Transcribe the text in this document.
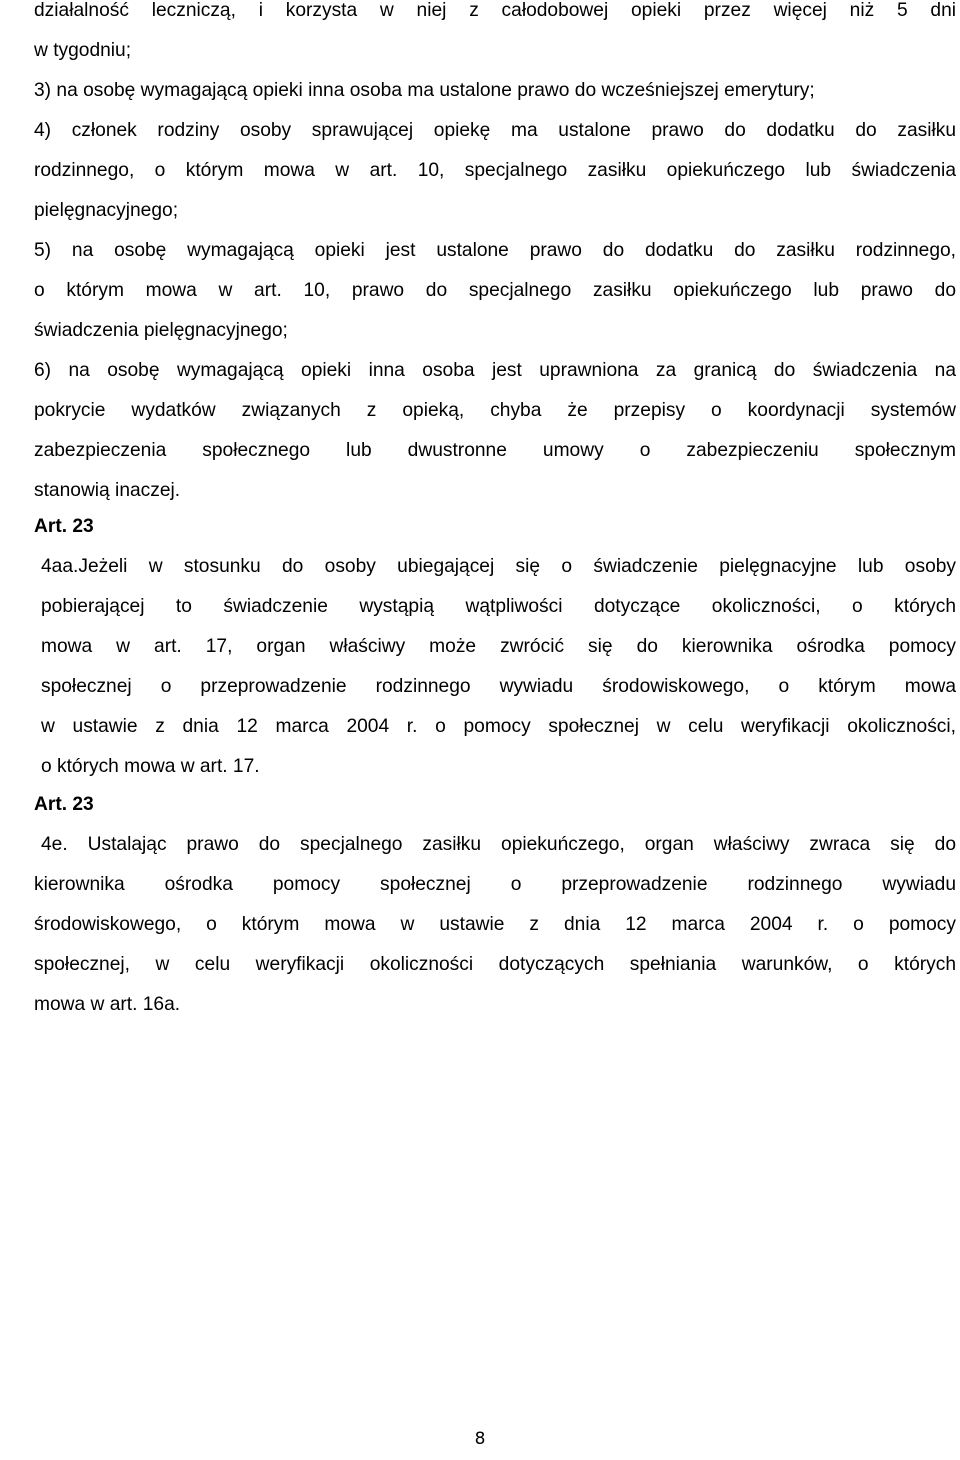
działalność leczniczą, i korzysta w niej z całodobowej opieki przez więcej niż 5 dni
w tygodniu;
3) na osobę wymagającą opieki inna osoba ma ustalone prawo do wcześniejszej emerytury;
4) członek rodziny osoby sprawującej opiekę ma ustalone prawo do dodatku do zasiłku
rodzinnego, o którym mowa w art. 10, specjalnego zasiłku opiekuńczego lub świadczenia
pielęgnacyjnego;
5) na osobę wymagającą opieki jest ustalone prawo do dodatku do zasiłku rodzinnego,
o którym mowa w art. 10, prawo do specjalnego zasiłku opiekuńczego lub prawo do
świadczenia pielęgnacyjnego;
6) na osobę wymagającą opieki inna osoba jest uprawniona za granicą do świadczenia na
pokrycie wydatków związanych z opieką, chyba że przepisy o koordynacji systemów
zabezpieczenia społecznego lub dwustronne umowy o zabezpieczeniu społecznym
stanowią inaczej.
Art. 23
4aa.Jeżeli w stosunku do osoby ubiegającej się o świadczenie pielęgnacyjne lub osoby
pobierającej to świadczenie wystąpią wątpliwości dotyczące okoliczności, o których
mowa w art. 17, organ właściwy może zwrócić się do kierownika ośrodka pomocy
społecznej o przeprowadzenie rodzinnego wywiadu środowiskowego, o którym mowa
w ustawie z dnia 12 marca 2004 r. o pomocy społecznej w celu weryfikacji okoliczności,
o których mowa w art. 17.
Art. 23
4e. Ustalając prawo do specjalnego zasiłku opiekuńczego, organ właściwy zwraca się do
kierownika ośrodka pomocy społecznej o przeprowadzenie rodzinnego wywiadu
środowiskowego, o którym mowa w ustawie z dnia 12 marca 2004 r. o pomocy
społecznej, w celu weryfikacji okoliczności dotyczących spełniania warunków, o których
mowa w art. 16a.
8
